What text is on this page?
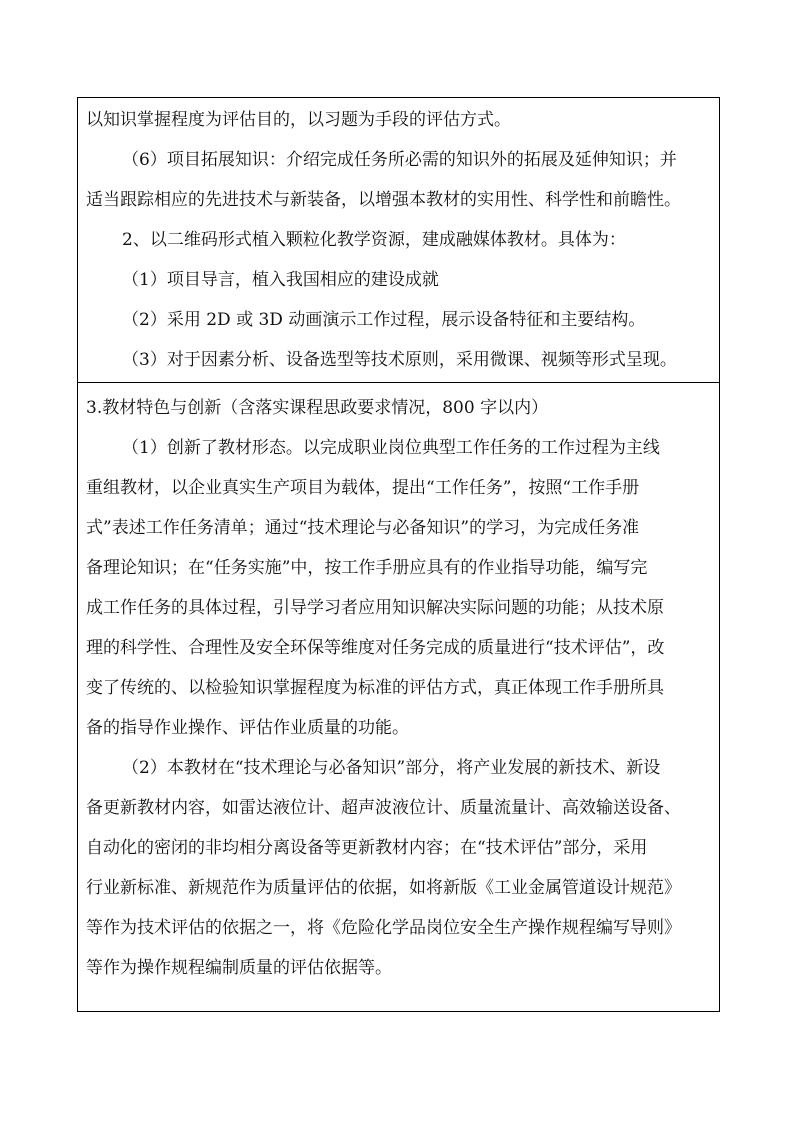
以知识掌握程度为评估目的，以习题为手段的评估方式。
（6）项目拓展知识：介绍完成任务所必需的知识外的拓展及延伸知识；并
适当跟踪相应的先进技术与新装备，以增强本教材的实用性、科学性和前瞻性。
2、以二维码形式植入颗粒化教学资源，建成融媒体教材。具体为：
（1）项目导言，植入我国相应的建设成就
（2）采用 2D 或 3D 动画演示工作过程，展示设备特征和主要结构。
（3）对于因素分析、设备选型等技术原则，采用微课、视频等形式呈现。
3.教材特色与创新（含落实课程思政要求情况，800 字以内）
（1）创新了教材形态。以完成职业岗位典型工作任务的工作过程为主线
重组教材，以企业真实生产项目为载体，提出“工作任务”，按照“工作手册
式”表述工作任务清单；通过“技术理论与必备知识”的学习，为完成任务准
备理论知识；在“任务实施”中，按工作手册应具有的作业指导功能，编写完
成工作任务的具体过程，引导学习者应用知识解决实际问题的功能；从技术原
理的科学性、合理性及安全环保等维度对任务完成的质量进行“技术评估”，改
变了传统的、以检验知识掌握程度为标准的评估方式，真正体现工作手册所具
备的指导作业操作、评估作业质量的功能。
（2）本教材在“技术理论与必备知识”部分，将产业发展的新技术、新设
备更新教材内容，如雷达液位计、超声波液位计、质量流量计、高效输送设备、
自动化的密闭的非均相分离设备等更新教材内容；在“技术评估”部分，采用
行业新标准、新规范作为质量评估的依据，如将新版《工业金属管道设计规范》
等作为技术评估的依据之一，将《危险化学品岗位安全生产操作规程编写导则》
等作为操作规程编制质量的评估依据等。
